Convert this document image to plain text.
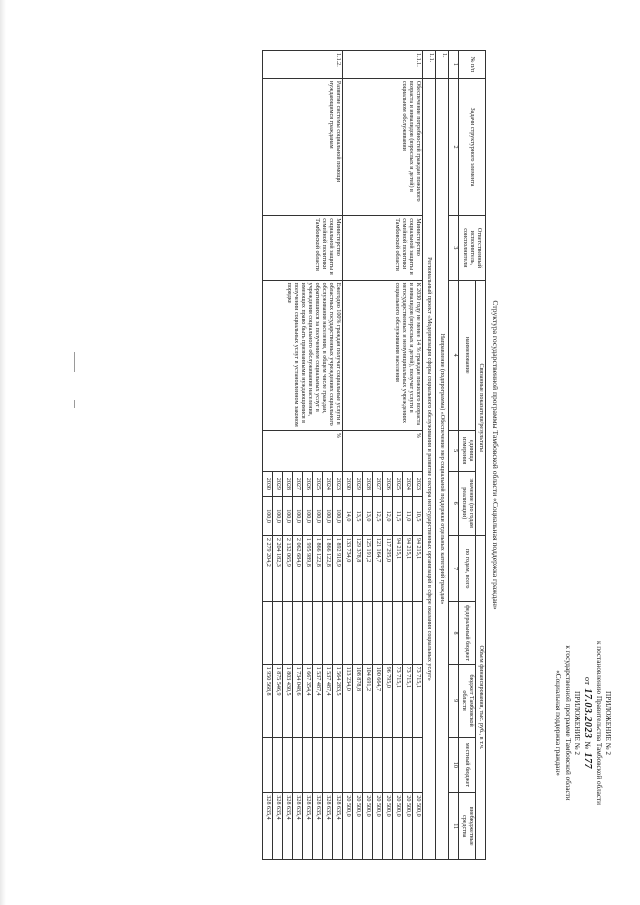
ПРИЛОЖЕНИЕ № 2
к постановлению Правительства Тамбовской области
от 17.03.2023 № 177
ПРИЛОЖЕНИЕ № 2
к государственной программе Тамбовской области
«Социальная поддержка граждан»
Структура государственной программы Тамбовской области «Социальная поддержка граждан»
№ п/п	Задачи структурного элемента	Ответственный исполнитель, соисполнители	Связанные показатели/результаты				Объем финансирования, тыс. руб., в т.ч.				
			наименование	единица измерения	значение (по годам реализации)		по годам, всего	федеральный бюджет	бюджет Тамбовской области	местный бюджет	внебюджетные средства
1	2	3	4	5	6		7	8	9	10	11
1.	Направление (подпрограмма) «Обеспечение мер социальной поддержки отдельных категорий граждан»										
1.1.	Региональный проект «Модернизация сферы социального обслуживания и развитие сектора негосударственных организаций в сфере оказания социальных услуг»										
1.1.1.	Обеспечение потребностей граждан пожилого возраста и инвалидов (взрослых и детей) в социальном обслуживании	Министерство социальной защиты и семейной политики Тамбовской области	К 2030 году не менее 14 % граждан пожилого возраста и инвалидов (взрослых и детей), получат услуги в негосударственных и немуниципальных учреждениях социального обслуживания населения	%	2023	10,5	94 215,1		73 715,1		20 500,0
					2024	11,0	94 215,1		73 715,1		20 500,0
					2025	11,5	94 215,1		73 715,1		20 500,0
					2026	12,0	117 295,0		96 795,0		20 500,0
					2027	12,5	121 164,7		100 664,7		20 500,0
					2028	13,0	125 191,2		104 691,2		20 500,0
					2029	13,5	129 378,8		108 878,8		20 500,0
					2030	14,0	133 734,0		113 234,0		20 500,0
1.1.2.	Развитие системы социальной помощи нуждающимся гражданам	Министерство социальной защиты и семейной политики Тамбовской области	Ежегодно 100% граждан получат социальные услуги в областных государственных учреждениях социального обслуживания населения, в общем числе граждан, обратившихся за получением социальных услуг в учреждения социального обслуживания населения, имеющих право быть признанными нуждающимися в получении социальных услуг в установленном законом порядке	%	2023	100,0	1 892 918,9		1 564 283,5		328 635,4
					2024	100,0	1 866 122,8		1 537 487,4		328 635,4
					2025	100,0	1 866 122,8		1 537 487,4		328 635,4
					2026	100,0	1 995 989,8		1 667 354,4		328 635,4
					2027	100,0	2 062 684,0		1 734 048,6		328 635,4
					2028	100,0	2 132 065,9		1 803 430,5		328 635,4
					2029	100,0	2 204 182,3		1 875 546,9		328 635,4
					2030	100,0	2 279 204,2		1 950 568,8		328 635,4
